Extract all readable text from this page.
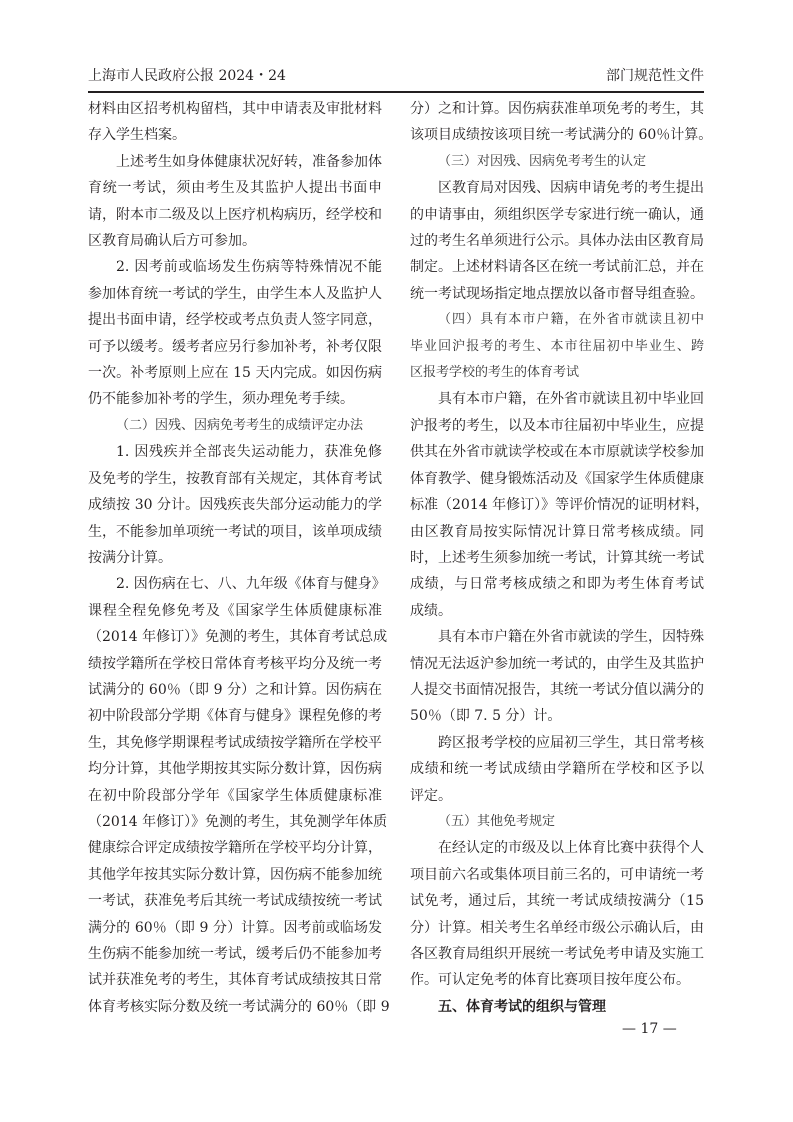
上海市人民政府公报 2024・24	部门规范性文件
材料由区招考机构留档，其中申请表及审批材料
存入学生档案。
上述考生如身体健康状况好转，准备参加体
育统一考试，须由考生及其监护人提出书面申
请，附本市二级及以上医疗机构病历，经学校和
区教育局确认后方可参加。
2. 因考前或临场发生伤病等特殊情况不能
参加体育统一考试的学生，由学生本人及监护人
提出书面申请，经学校或考点负责人签字同意，
可予以缓考。缓考者应另行参加补考，补考仅限
一次。补考原则上应在 15 天内完成。如因伤病
仍不能参加补考的学生，须办理免考手续。
（二）因残、因病免考考生的成绩评定办法
1. 因残疾并全部丧失运动能力，获准免修
及免考的学生，按教育部有关规定，其体育考试
成绩按 30 分计。因残疾丧失部分运动能力的学
生，不能参加单项统一考试的项目，该单项成绩
按满分计算。
2. 因伤病在七、八、九年级《体育与健身》
课程全程免修免考及《国家学生体质健康标准
（2014 年修订）》免测的考生，其体育考试总成
绩按学籍所在学校日常体育考核平均分及统一考
试满分的 60％（即 9 分）之和计算。因伤病在
初中阶段部分学期《体育与健身》课程免修的考
生，其免修学期课程考试成绩按学籍所在学校平
均分计算，其他学期按其实际分数计算，因伤病
在初中阶段部分学年《国家学生体质健康标准
（2014 年修订）》免测的考生，其免测学年体质
健康综合评定成绩按学籍所在学校平均分计算，
其他学年按其实际分数计算，因伤病不能参加统
一考试，获准免考后其统一考试成绩按统一考试
满分的 60％（即 9 分）计算。因考前或临场发
生伤病不能参加统一考试，缓考后仍不能参加考
试并获准免考的考生，其体育考试成绩按其日常
体育考核实际分数及统一考试满分的 60％（即 9
分）之和计算。因伤病获准单项免考的考生，其
该项目成绩按该项目统一考试满分的 60％计算。
（三）对因残、因病免考考生的认定
区教育局对因残、因病申请免考的考生提出
的申请事由，须组织医学专家进行统一确认，通
过的考生名单须进行公示。具体办法由区教育局
制定。上述材料请各区在统一考试前汇总，并在
统一考试现场指定地点摆放以备市督导组查验。
（四）具有本市户籍，在外省市就读且初中
毕业回沪报考的考生、本市往届初中毕业生、跨
区报考学校的考生的体育考试
具有本市户籍，在外省市就读且初中毕业回
沪报考的考生，以及本市往届初中毕业生，应提
供其在外省市就读学校或在本市原就读学校参加
体育教学、健身锻炼活动及《国家学生体质健康
标准（2014 年修订）》等评价情况的证明材料，
由区教育局按实际情况计算日常考核成绩。同
时，上述考生须参加统一考试，计算其统一考试
成绩，与日常考核成绩之和即为考生体育考试
成绩。
具有本市户籍在外省市就读的学生，因特殊
情况无法返沪参加统一考试的，由学生及其监护
人提交书面情况报告，其统一考试分值以满分的
50％（即 7. 5 分）计。
跨区报考学校的应届初三学生，其日常考核
成绩和统一考试成绩由学籍所在学校和区予以
评定。
（五）其他免考规定
在经认定的市级及以上体育比赛中获得个人
项目前六名或集体项目前三名的，可申请统一考
试免考，通过后，其统一考试成绩按满分（15
分）计算。相关考生名单经市级公示确认后，由
各区教育局组织开展统一考试免考申请及实施工
作。可认定免考的体育比赛项目按年度公布。
五、体育考试的组织与管理
— 17 —
